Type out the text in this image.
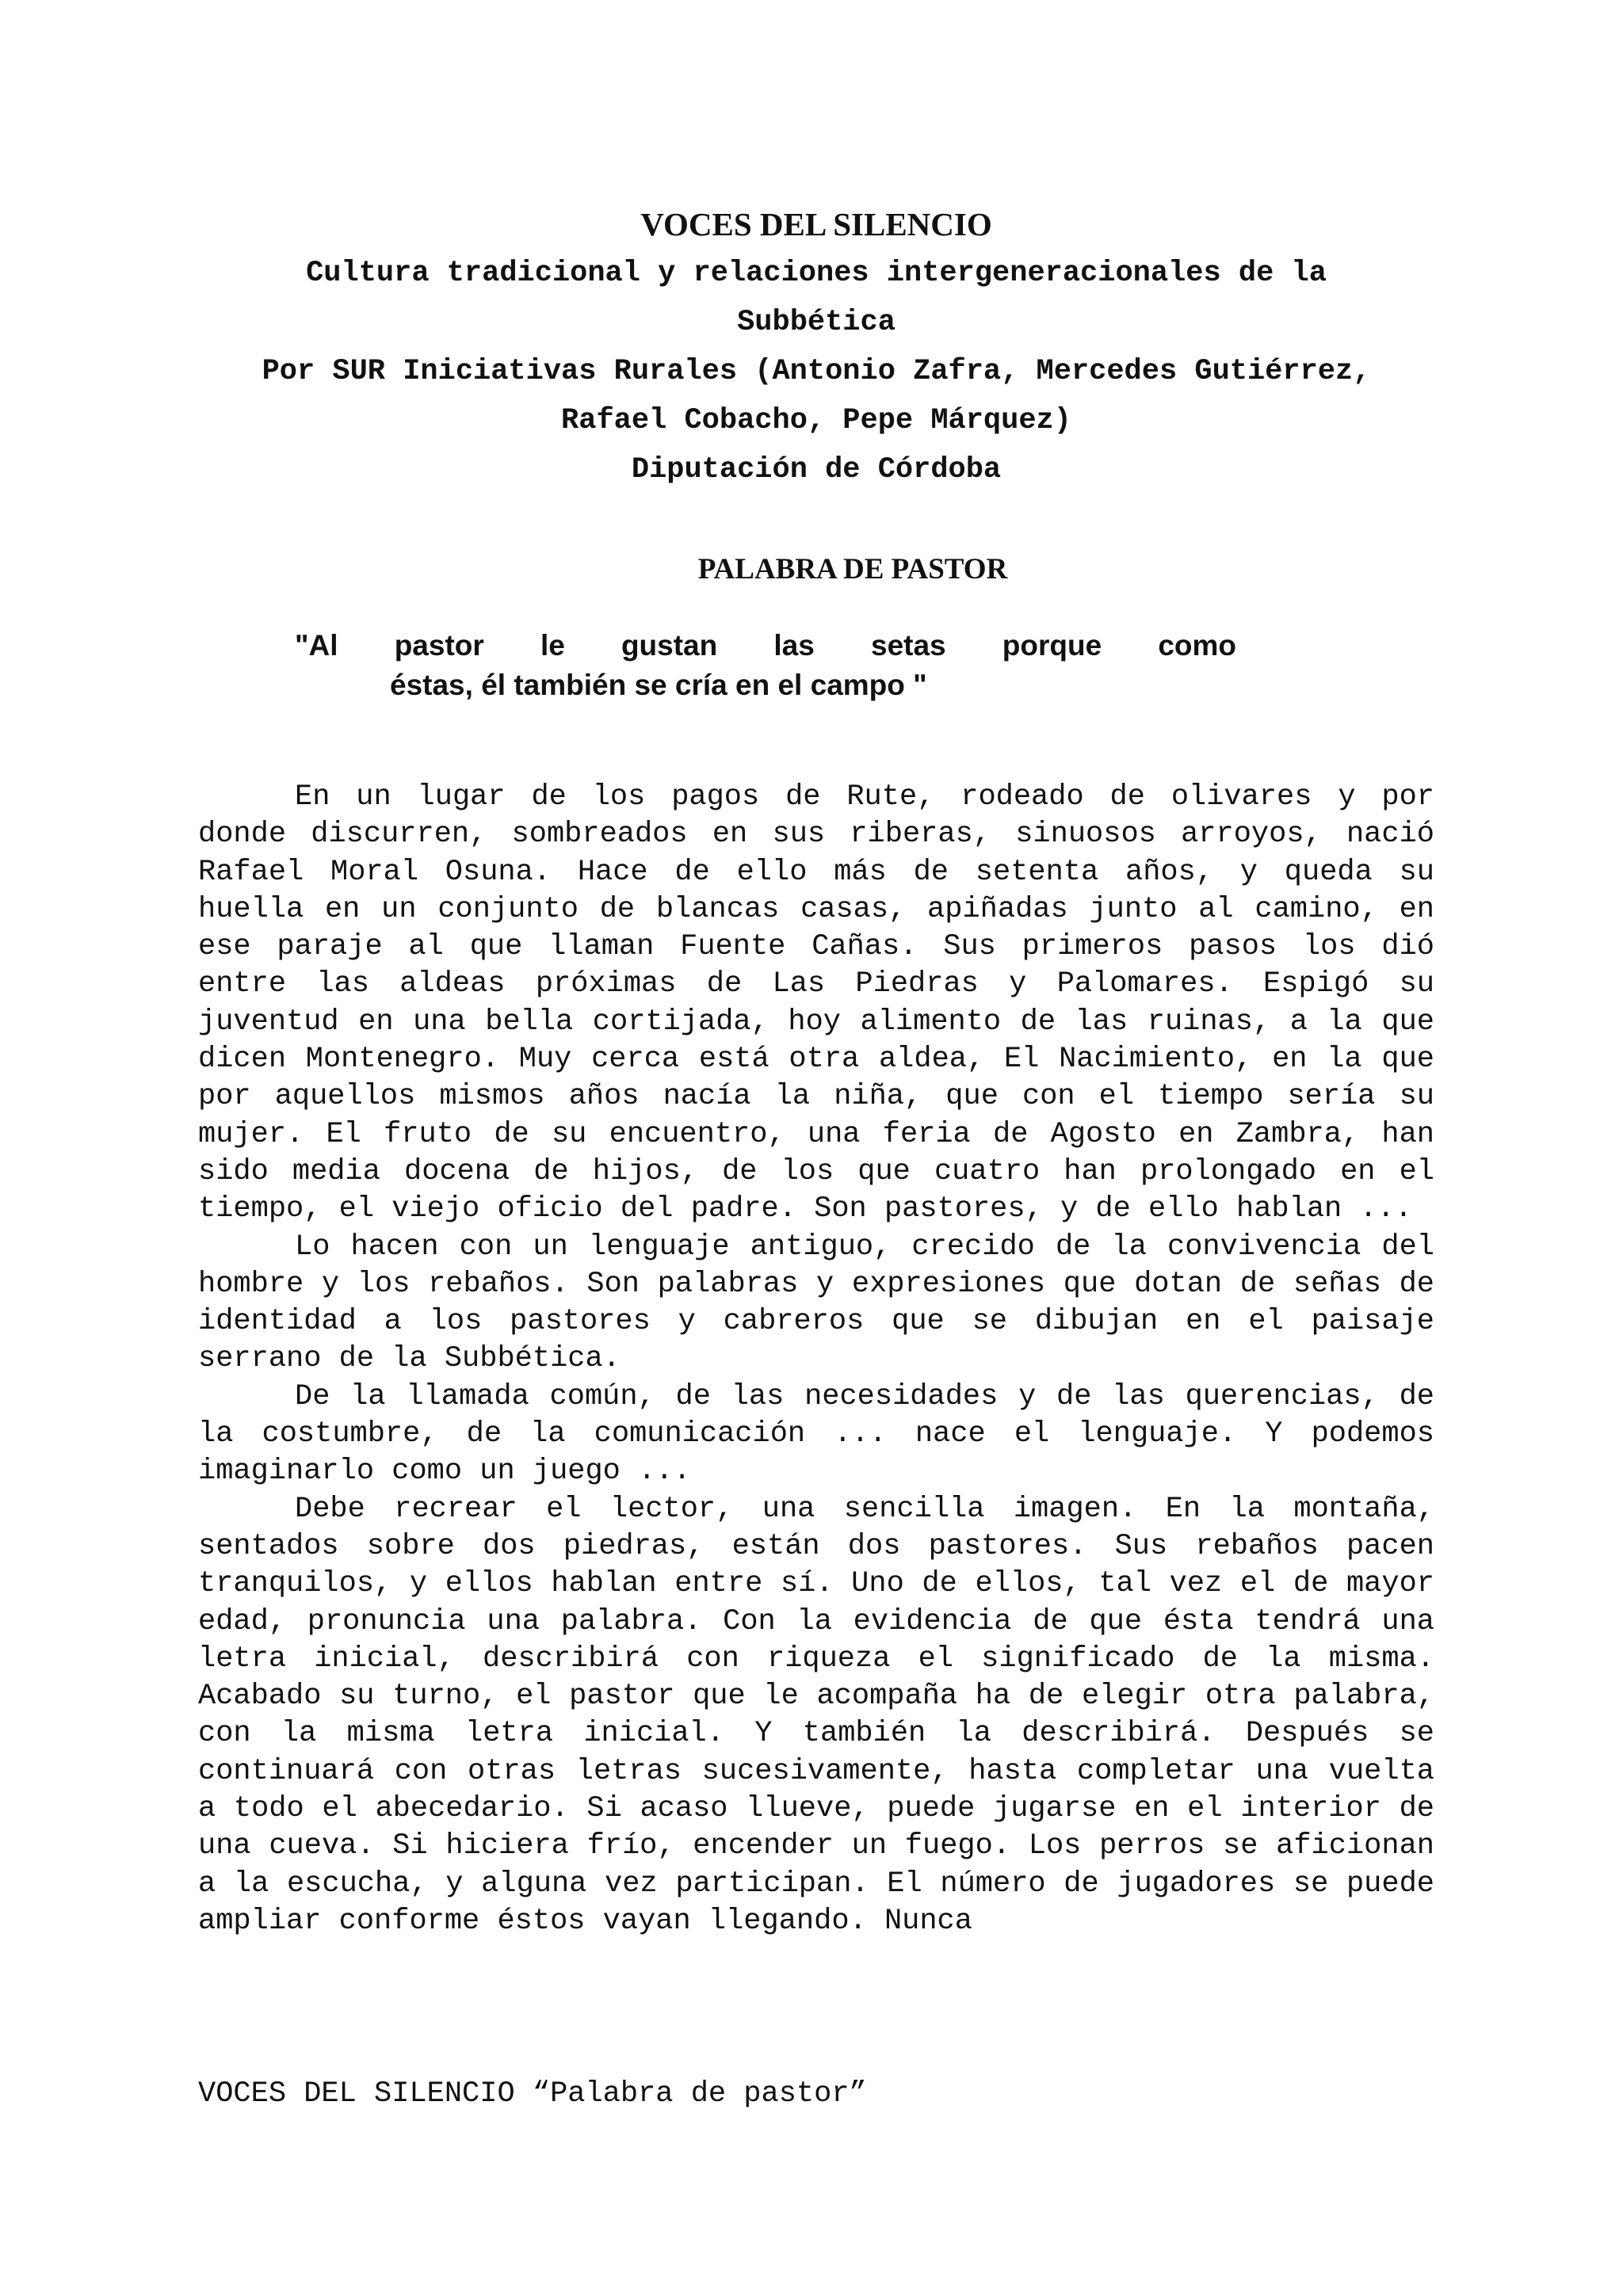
VOCES DEL SILENCIO

Cultura tradicional y relaciones intergeneracionales de la

Subbética

Por SUR Iniciativas Rurales (Antonio Zafra, Mercedes Gutiérrez,

Rafael Cobacho, Pepe Márquez)

Diputación de Córdoba

PALABRA DE PASTOR

"Al pastor le gustan las setas porque como
éstas, él también se cría en el campo "

En un lugar de los pagos de Rute, rodeado de olivares y por donde discurren, sombreados en sus riberas, sinuosos arroyos, nació Rafael Moral Osuna. Hace de ello más de setenta años, y queda su huella en un conjunto de blancas casas, apiñadas junto al camino, en ese paraje al que llaman Fuente Cañas. Sus primeros pasos los dió entre las aldeas próximas de Las Piedras y Palomares. Espigó su juventud en una bella cortijada, hoy alimento de las ruinas, a la que dicen Montenegro. Muy cerca está otra aldea, El Nacimiento, en la que por aquellos mismos años nacía la niña, que con el tiempo sería su mujer. El fruto de su encuentro, una feria de Agosto en Zambra, han sido media docena de hijos, de los que cuatro han prolongado en el tiempo, el viejo oficio del padre. Son pastores, y de ello hablan ...

Lo hacen con un lenguaje antiguo, crecido de la convivencia del hombre y los rebaños. Son palabras y expresiones que dotan de señas de identidad a los pastores y cabreros que se dibujan en el paisaje serrano de la Subbética.

De la llamada común, de las necesidades y de las querencias, de la costumbre, de la comunicación ... nace el lenguaje. Y podemos imaginarlo como un juego ...

Debe recrear el lector, una sencilla imagen. En la montaña, sentados sobre dos piedras, están dos pastores. Sus rebaños pacen tranquilos, y ellos hablan entre sí. Uno de ellos, tal vez el de mayor edad, pronuncia una palabra. Con la evidencia de que ésta tendrá una letra inicial, describirá con riqueza el significado de la misma. Acabado su turno, el pastor que le acompaña ha de elegir otra palabra, con la misma letra inicial. Y también la describirá. Después se continuará con otras letras sucesivamente, hasta completar una vuelta a todo el abecedario. Si acaso llueve, puede jugarse en el interior de una cueva. Si hiciera frío, encender un fuego. Los perros se aficionan a la escucha, y alguna vez participan. El número de jugadores se puede ampliar conforme éstos vayan llegando. Nunca

VOCES DEL SILENCIO “Palabra de pastor”
